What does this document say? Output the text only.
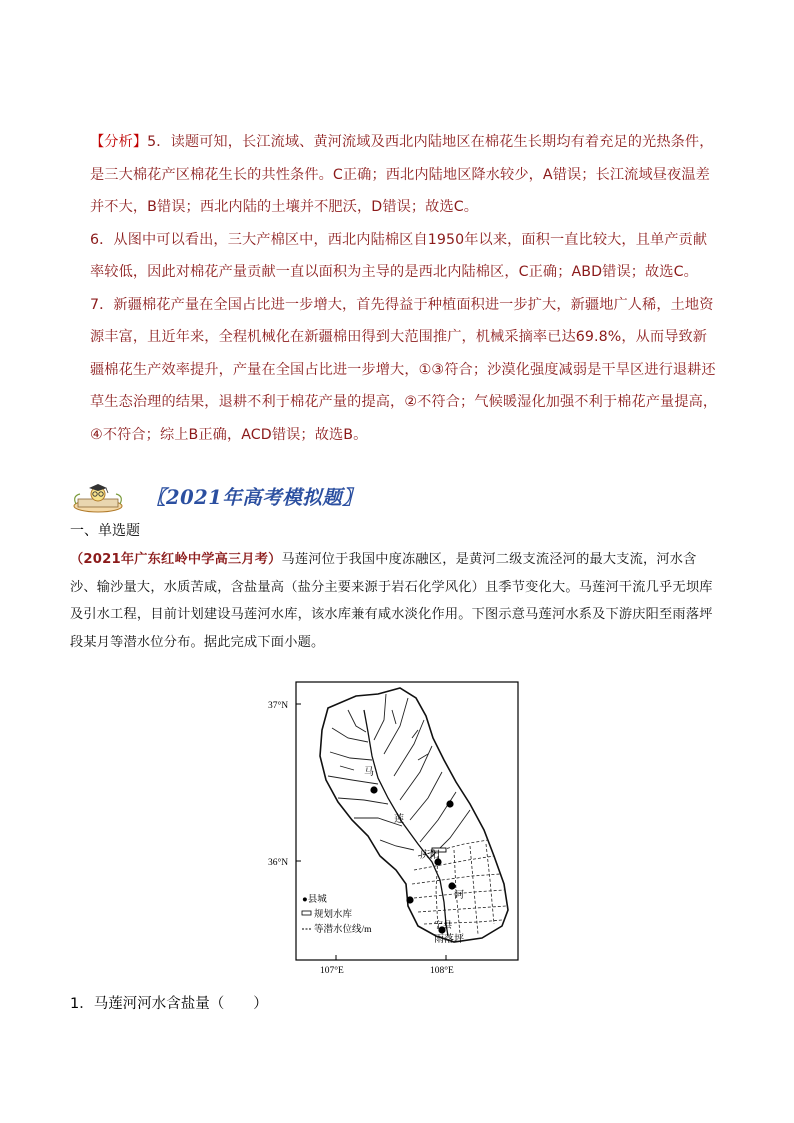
【分析】5．读题可知，长江流域、黄河流域及西北内陆地区在棉花生长期均有着充足的光热条件，是三大棉花产区棉花生长的共性条件。C正确；西北内陆地区降水较少，A错误；长江流域昼夜温差并不大，B错误；西北内陆的土壤并不肥沃，D错误；故选C。

6．从图中可以看出，三大产棉区中，西北内陆棉区自1950年以来，面积一直比较大，且单产贡献率较低，因此对棉花产量贡献一直以面积为主导的是西北内陆棉区，C正确；ABD错误；故选C。

7．新疆棉花产量在全国占比进一步增大，首先得益于种植面积进一步扩大，新疆地广人稀，土地资源丰富，且近年来，全程机械化在新疆棉田得到大范围推广，机械采摘率已达69.8%，从而导致新疆棉花生产效率提升，产量在全国占比进一步增大，①③符合；沙漠化强度减弱是干旱区进行退耕还草生态治理的结果，退耕不利于棉花产量的提高，②不符合；气候暖湿化加强不利于棉花产量提高，④不符合；综上B正确，ACD错误；故选B。

〖2021年高考模拟题〗
一、单选题
（2021年广东红岭中学高三月考）马莲河位于我国中度冻融区，是黄河二级支流泾河的最大支流，河水含沙、输沙量大，水质苦咸，含盐量高（盐分主要来源于岩石化学风化）且季节变化大。马莲河干流几乎无坝库及引水工程，目前计划建设马莲河水库，该水库兼有咸水淡化作用。下图示意马莲河水系及下游庆阳至雨落坪段某月等潜水位分布。据此完成下面小题。
37°N
36°N
107°E	108°E
马
莲
河
庆阳
宁县
雨落坪
●县城
规划水库
等潜水位线/m
1．马莲河河水含盐量（　　）
